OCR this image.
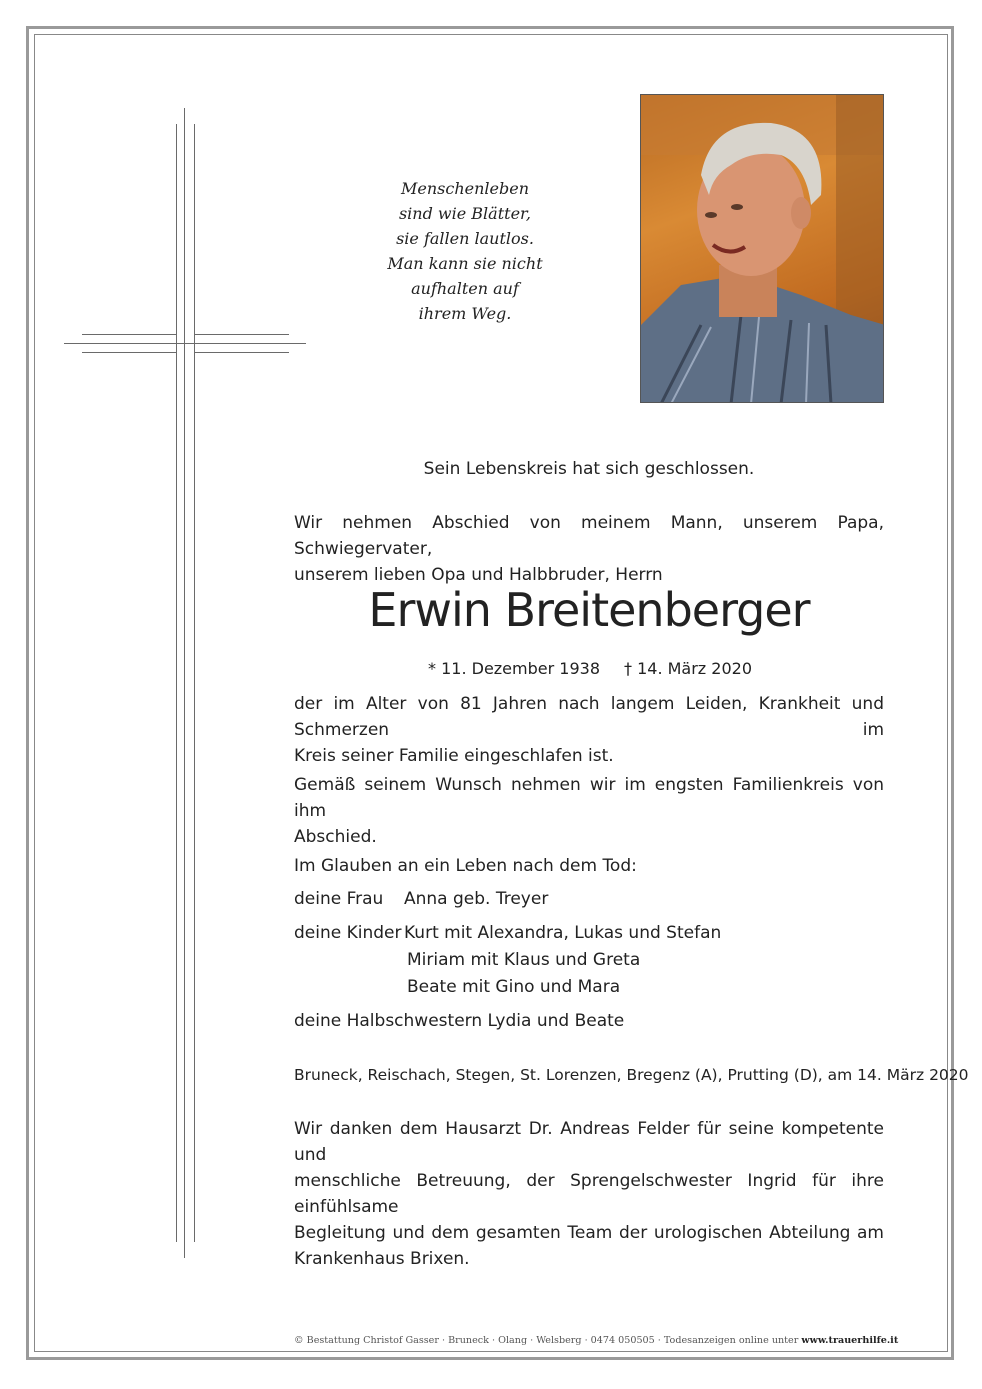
Menschenleben
sind wie Blätter,
sie fallen lautlos.
Man kann sie nicht
aufhalten auf
ihrem Weg.
Sein Lebenskreis hat sich geschlossen.
Wir nehmen Abschied von meinem Mann, unserem Papa, Schwiegervater,
unserem lieben Opa und Halbbruder, Herrn
Erwin Breitenberger
* 11. Dezember 1938 † 14. März 2020
der im Alter von 81 Jahren nach langem Leiden, Krankheit und Schmerzen im
Kreis seiner Familie eingeschlafen ist.
Gemäß seinem Wunsch nehmen wir im engsten Familienkreis von ihm
Abschied.
Im Glauben an ein Leben nach dem Tod:
deine Frau Anna geb. Treyer
deine Kinder Kurt mit Alexandra, Lukas und Stefan
Miriam mit Klaus und Greta
Beate mit Gino und Mara
deine Halbschwestern Lydia und Beate
Bruneck, Reischach, Stegen, St. Lorenzen, Bregenz (A), Prutting (D), am 14. März 2020
Wir danken dem Hausarzt Dr. Andreas Felder für seine kompetente und
menschliche Betreuung, der Sprengelschwester Ingrid für ihre einfühlsame
Begleitung und dem gesamten Team der urologischen Abteilung am
Krankenhaus Brixen.
© Bestattung Christof Gasser · Bruneck · Olang · Welsberg · 0474 050505 · Todesanzeigen online unter www.trauerhilfe.it
